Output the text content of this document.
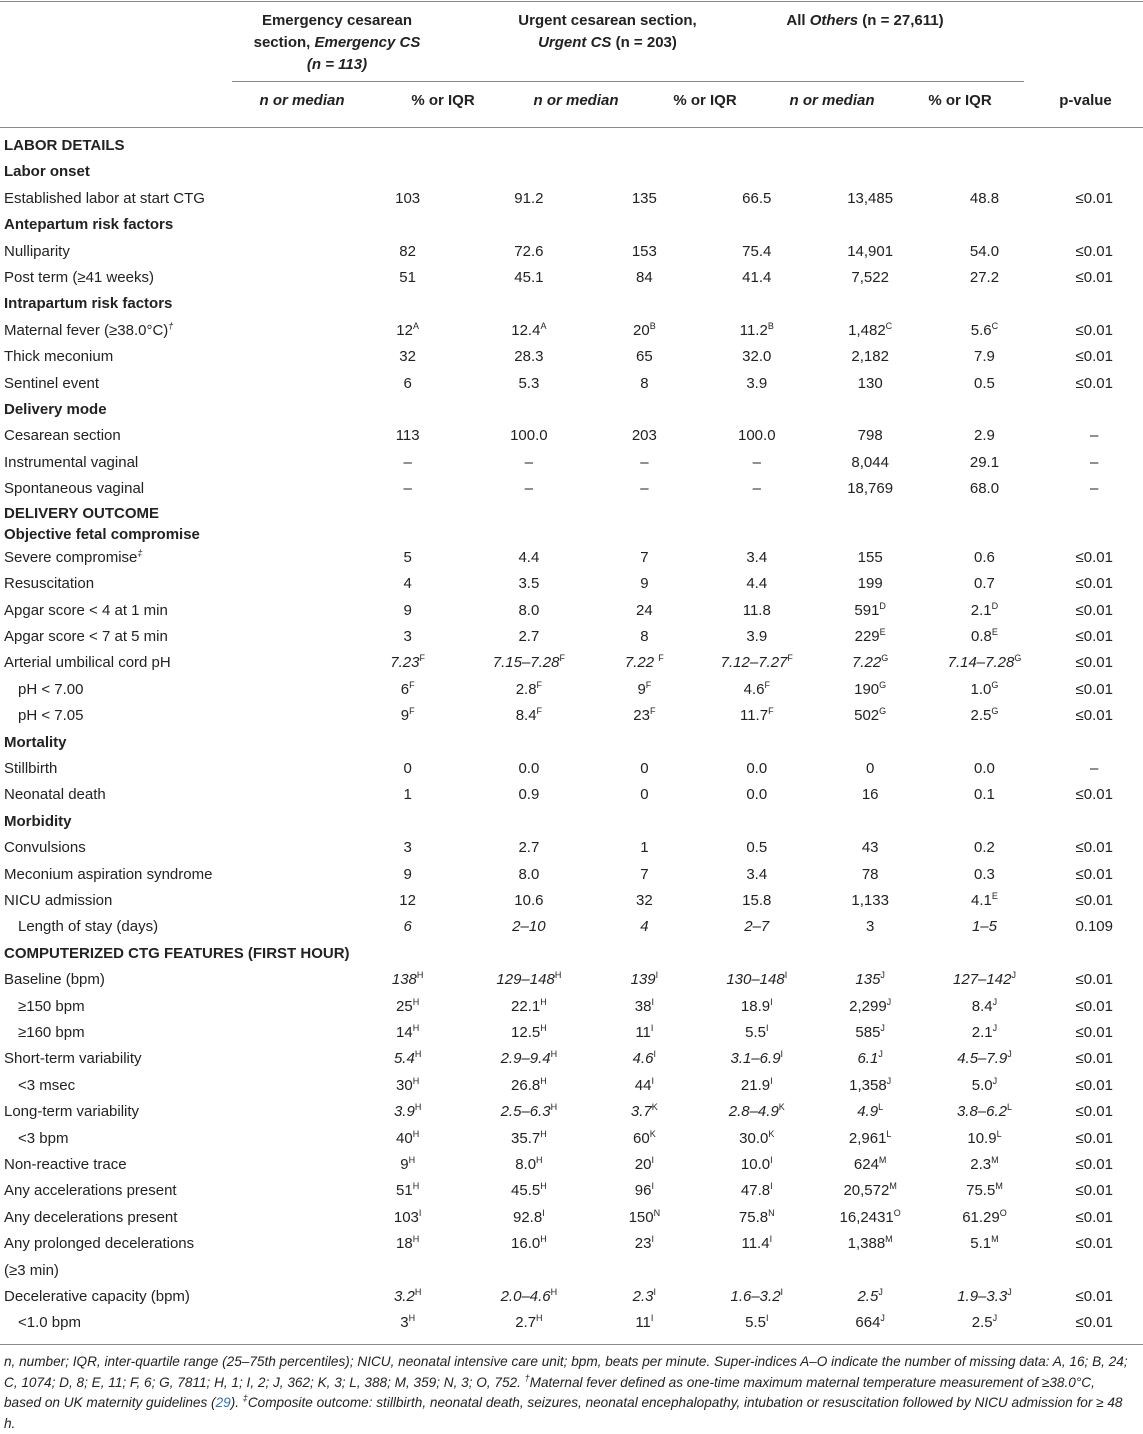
Emergency cesarean
section, Emergency CS
(n = 113)
Urgent cesarean section,
Urgent CS (n = 203)
All Others (n = 27,611)
n or median	% or IQR	n or median	% or IQR	n or median	% or IQR	p-value
LABOR DETAILS							
Labor onset							
Established labor at start CTG	103	91.2	135	66.5	13,485	48.8	≤0.01
Antepartum risk factors							
Nulliparity	82	72.6	153	75.4	14,901	54.0	≤0.01
Post term (≥41 weeks)	51	45.1	84	41.4	7,522	27.2	≤0.01
Intrapartum risk factors							
Maternal fever (≥38.0°C)†	$12^A$	$12.4^A$	$20^B$	$11.2^B$	$1,482^C$	$5.6^C$	≤0.01
Thick meconium	32	28.3	65	32.0	2,182	7.9	≤0.01
Sentinel event	6	5.3	8	3.9	130	0.5	≤0.01
Delivery mode							
Cesarean section	113	100.0	203	100.0	798	2.9	–
Instrumental vaginal	–	–	–	–	8,044	29.1	–
Spontaneous vaginal	–	–	–	–	18,769	68.0	–
DELIVERY OUTCOME							
Objective fetal compromise							
Severe compromise‡	5	4.4	7	3.4	155	0.6	≤0.01
Resuscitation	4	3.5	9	4.4	199	0.7	≤0.01
Apgar score < 4 at 1 min	9	8.0	24	11.8	$591^D$	$2.1^D$	≤0.01
Apgar score < 7 at 5 min	3	2.7	8	3.9	$229^E$	$0.8^E$	≤0.01
Arterial umbilical cord pH	$7.23^F$	$7.15-7.28^F$	7.22 $^F$	$7.12-7.27^F$	$7.22^G$	$7.14-7.28^G$	≤0.01
pH < 7.00	$6^F$	$2.8^F$	$9^F$	$4.6^F$	$190^G$	$1.0^G$	≤0.01
pH < 7.05	$9^F$	$8.4^F$	$23^F$	$11.7^F$	$502^G$	$2.5^G$	≤0.01
Mortality							
Stillbirth	0	0.0	0	0.0	0	0.0	–
Neonatal death	1	0.9	0	0.0	16	0.1	≤0.01
Morbidity							
Convulsions	3	2.7	1	0.5	43	0.2	≤0.01
Meconium aspiration syndrome	9	8.0	7	3.4	78	0.3	≤0.01
NICU admission	12	10.6	32	15.8	1,133	$4.1^E$	≤0.01
Length of stay (days)	6	2–10	4	2–7	3	1–5	0.109
COMPUTERIZED CTG FEATURES (FIRST HOUR)							
Baseline (bpm)	$138^H$	$129-148^H$	$139^I$	$130-148^I$	$135^J$	$127-142^J$	≤0.01
≥150 bpm	$25^H$	$22.1^H$	$38^I$	$18.9^I$	$2,299^J$	$8.4^J$	≤0.01
≥160 bpm	$14^H$	$12.5^H$	$11^I$	$5.5^I$	$585^J$	$2.1^J$	≤0.01
Short-term variability	$5.4^H$	$2.9-9.4^H$	$4.6^I$	$3.1-6.9^I$	$6.1^J$	$4.5-7.9^J$	≤0.01
<3 msec	$30^H$	$26.8^H$	$44^I$	$21.9^I$	$1,358^J$	$5.0^J$	≤0.01
Long-term variability	$3.9^H$	$2.5-6.3^H$	$3.7^K$	$2.8-4.9^K$	$4.9^L$	$3.8-6.2^L$	≤0.01
<3 bpm	$40^H$	$35.7^H$	$60^K$	$30.0^K$	$2,961^L$	$10.9^L$	≤0.01
Non-reactive trace	$9^H$	$8.0^H$	$20^I$	$10.0^I$	$624^M$	$2.3^M$	≤0.01
Any accelerations present	$51^H$	$45.5^H$	$96^I$	$47.8^I$	$20,572^M$	$75.5^M$	≤0.01
Any decelerations present	$103^I$	$92.8^I$	$150^N$	$75.8^N$	$16,2431^O$	$61.29^O$	≤0.01
Any prolonged decelerations
(≥3 min)	$18^H$	$16.0^H$	$23^I$	$11.4^I$	$1,388^M$	$5.1^M$	≤0.01
Decelerative capacity (bpm)	$3.2^H$	$2.0-4.6^H$	$2.3^I$	$1.6-3.2^I$	$2.5^J$	$1.9-3.3^J$	≤0.01
<1.0 bpm	$3^H$	$2.7^H$	$11^I$	$5.5^I$	$664^J$	$2.5^J$	≤0.01
n, number; IQR, inter-quartile range (25–75th percentiles); NICU, neonatal intensive care unit; bpm, beats per minute. Super-indices A–O indicate the number of missing data: A, 16; B, 24; C, 1074; D, 8; E, 11; F, 6; G, 7811; H, 1; I, 2; J, 362; K, 3; L, 388; M, 359; N, 3; O, 752. †Maternal fever defined as one-time maximum maternal temperature measurement of ≥38.0°C, based on UK maternity guidelines (29). ‡Composite outcome: stillbirth, neonatal death, seizures, neonatal encephalopathy, intubation or resuscitation followed by NICU admission for ≥ 48 h.
